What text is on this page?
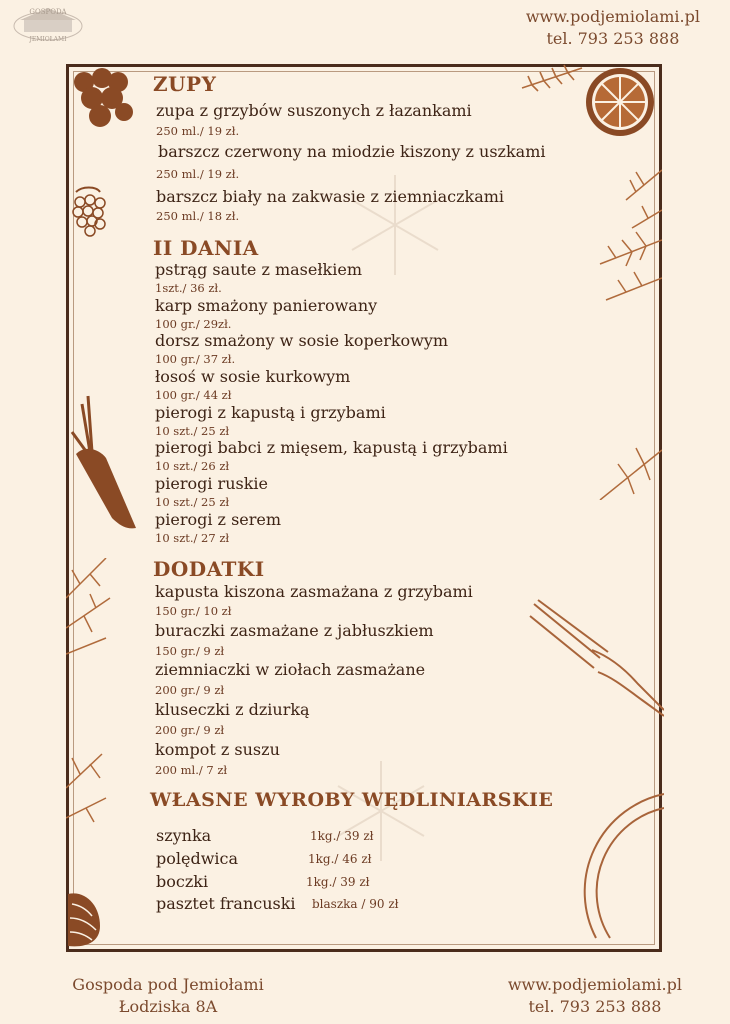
GOSPODA
JEMIOŁAMI
www.podjemiolami.pl
tel. 793 253 888
ZUPY
zupa z grzybów suszonych z łazankami
250 ml./ 19 zł.
barszcz czerwony na miodzie kiszony z uszkami
250 ml./ 19 zł.
barszcz biały na zakwasie z ziemniaczkami
250 ml./ 18 zł.
II DANIA
pstrąg saute z masełkiem
1szt./ 36 zł.
karp smażony panierowany
100 gr./ 29zł.
dorsz smażony w sosie koperkowym
100 gr./ 37 zł.
łosoś w sosie kurkowym
100 gr./ 44 zł
pierogi z kapustą i grzybami
10 szt./ 25 zł
pierogi babci z mięsem, kapustą i grzybami
10 szt./ 26 zł
pierogi ruskie
10 szt./ 25 zł
pierogi z serem
10 szt./ 27 zł
DODATKI
kapusta kiszona zasmażana z grzybami
150 gr./ 10 zł
buraczki zasmażane z jabłuszkiem
150 gr./ 9 zł
ziemniaczki w ziołach zasmażane
200 gr./ 9 zł
kluseczki z dziurką
200 gr./ 9 zł
kompot z suszu
200 ml./ 7 zł
WŁASNE WYROBY WĘDLINIARSKIE
szynka	1kg./ 39 zł
polędwica	1kg./ 46 zł
boczki	1kg./ 39 zł
pasztet francuski blaszka / 90 zł
Gospoda pod Jemiołami
Łodziska 8A
www.podjemiolami.pl
tel. 793 253 888
